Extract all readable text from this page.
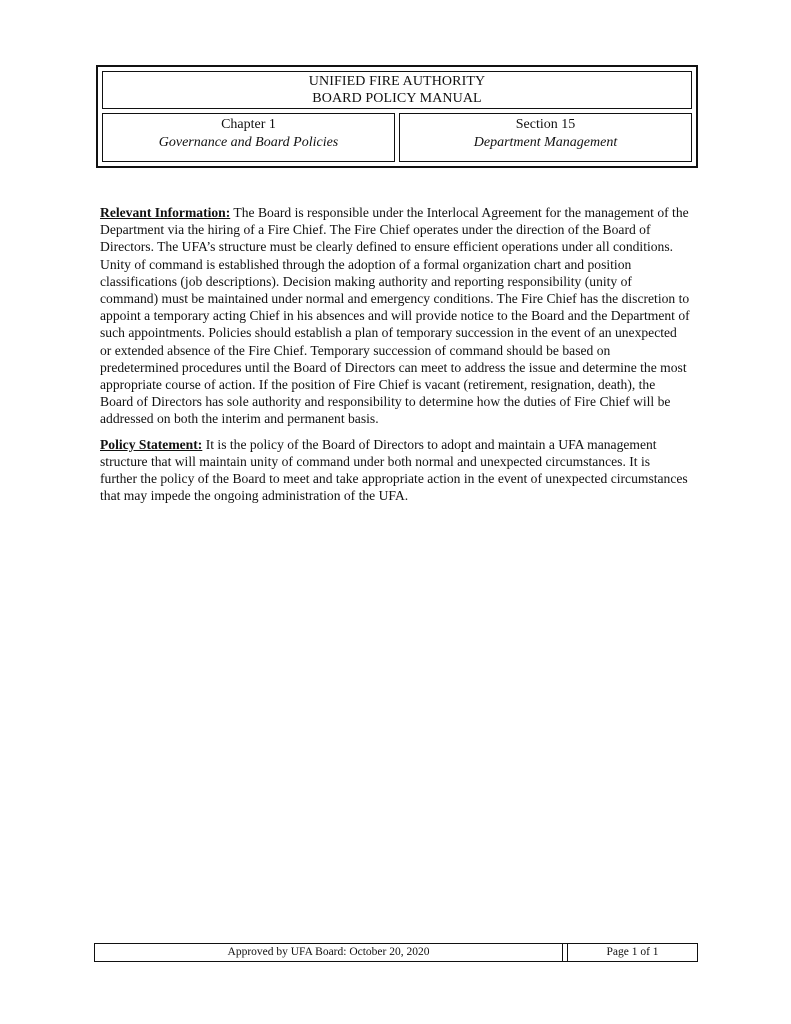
UNIFIED FIRE AUTHORITY
BOARD POLICY MANUAL
Chapter 1
Governance and Board Policies
Section 15
Department Management

Relevant Information: The Board is responsible under the Interlocal Agreement for the management of the Department via the hiring of a Fire Chief. The Fire Chief operates under the direction of the Board of Directors. The UFA’s structure must be clearly defined to ensure efficient operations under all conditions. Unity of command is established through the adoption of a formal organization chart and position classifications (job descriptions). Decision making authority and reporting responsibility (unity of command) must be maintained under normal and emergency conditions. The Fire Chief has the discretion to appoint a temporary acting Chief in his absences and will provide notice to the Board and the Department of such appointments. Policies should establish a plan of temporary succession in the event of an unexpected or extended absence of the Fire Chief. Temporary succession of command should be based on predetermined procedures until the Board of Directors can meet to address the issue and determine the most appropriate course of action. If the position of Fire Chief is vacant (retirement, resignation, death), the Board of Directors has sole authority and responsibility to determine how the duties of Fire Chief will be addressed on both the interim and permanent basis.

Policy Statement: It is the policy of the Board of Directors to adopt and maintain a UFA management structure that will maintain unity of command under both normal and unexpected circumstances. It is further the policy of the Board to meet and take appropriate action in the event of unexpected circumstances that may impede the ongoing administration of the UFA.

Approved by UFA Board: October 20, 2020	Page 1 of 1
